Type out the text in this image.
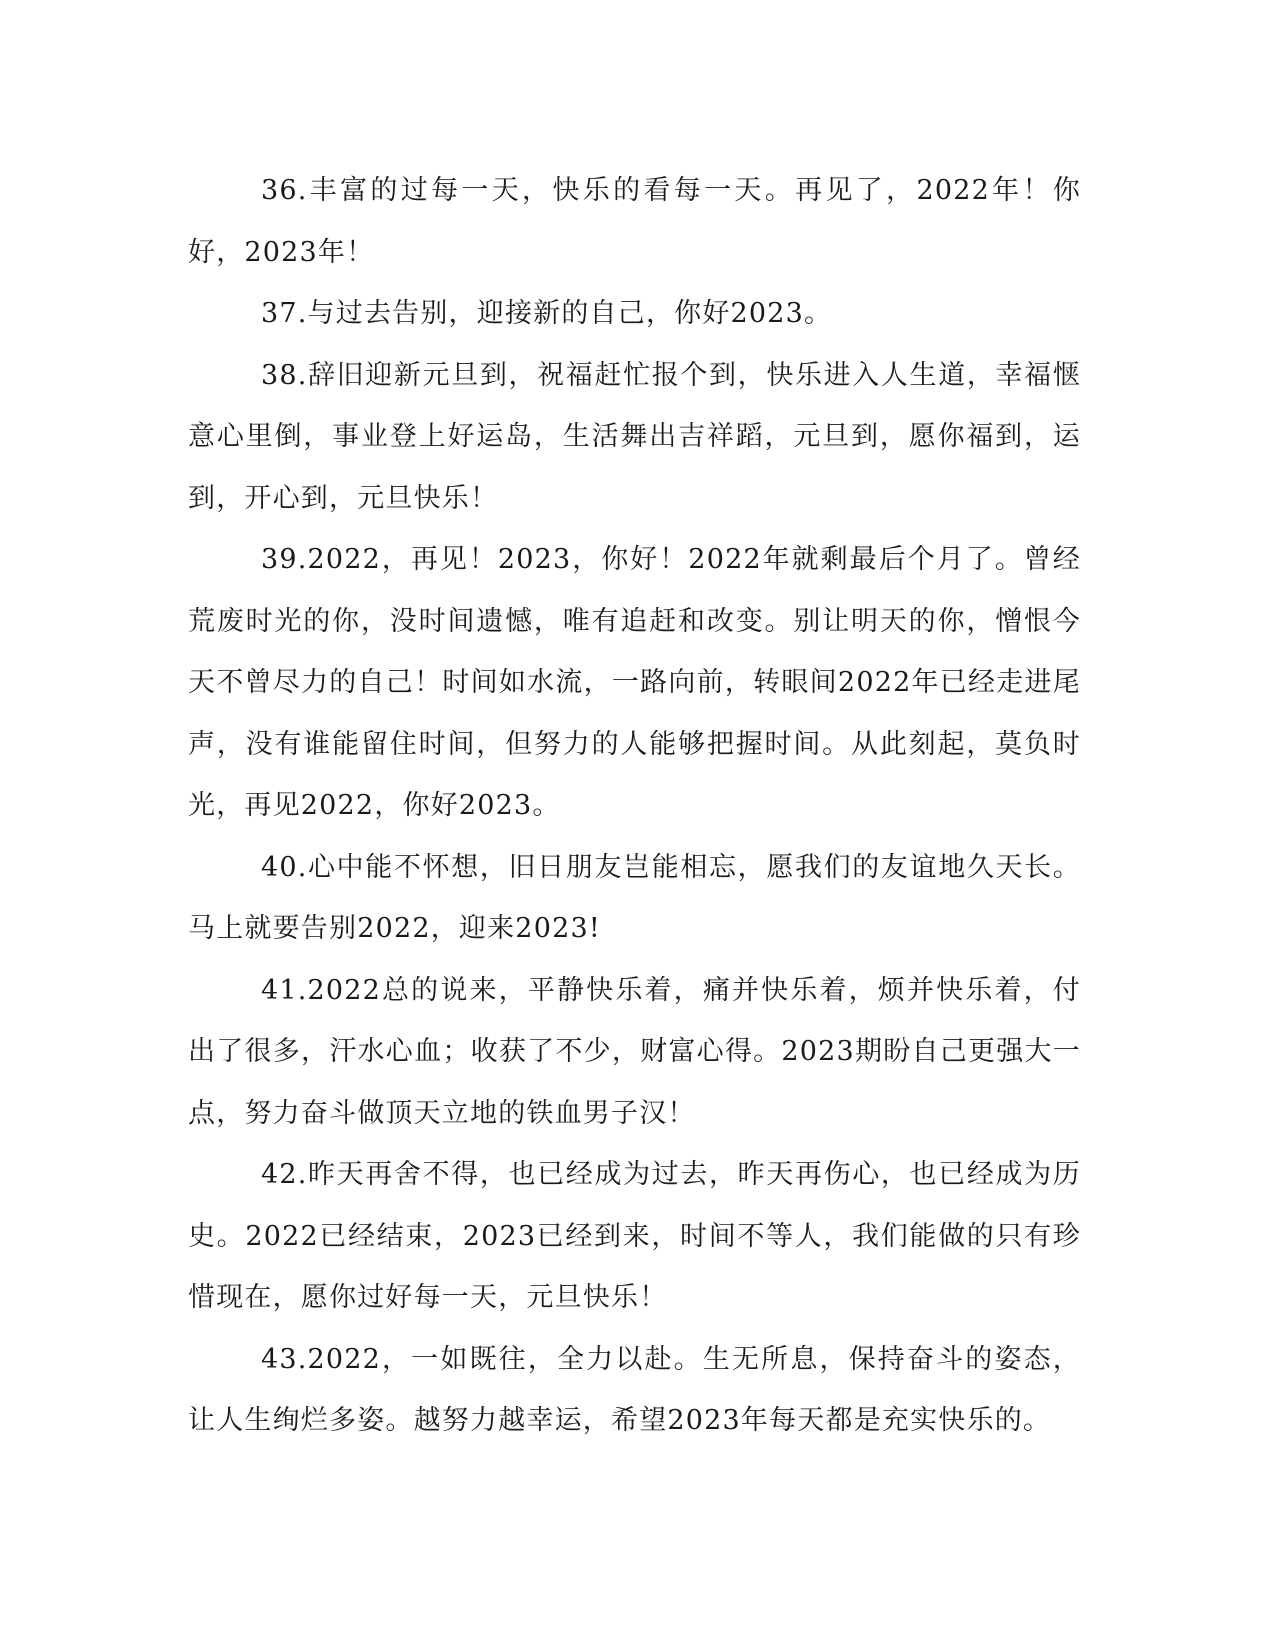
36.丰富的过每一天，快乐的看每一天。再见了，2022年！你好，2023年！

37.与过去告别，迎接新的自己，你好2023。

38.辞旧迎新元旦到，祝福赶忙报个到，快乐进入人生道，幸福惬意心里倒，事业登上好运岛，生活舞出吉祥蹈，元旦到，愿你福到，运到，开心到，元旦快乐！

39.2022，再见！2023，你好！2022年就剩最后个月了。曾经荒废时光的你，没时间遗憾，唯有追赶和改变。别让明天的你，憎恨今天不曾尽力的自己！时间如水流，一路向前，转眼间2022年已经走进尾声，没有谁能留住时间，但努力的人能够把握时间。从此刻起，莫负时光，再见2022，你好2023。

40.心中能不怀想，旧日朋友岂能相忘，愿我们的友谊地久天长。马上就要告别2022，迎来2023!

41.2022总的说来，平静快乐着，痛并快乐着，烦并快乐着，付出了很多，汗水心血；收获了不少，财富心得。2023期盼自己更强大一点，努力奋斗做顶天立地的铁血男子汉！

42.昨天再舍不得，也已经成为过去，昨天再伤心，也已经成为历史。2022已经结束，2023已经到来，时间不等人，我们能做的只有珍惜现在，愿你过好每一天，元旦快乐！

43.2022，一如既往，全力以赴。生无所息，保持奋斗的姿态，让人生绚烂多姿。越努力越幸运，希望2023年每天都是充实快乐的。
